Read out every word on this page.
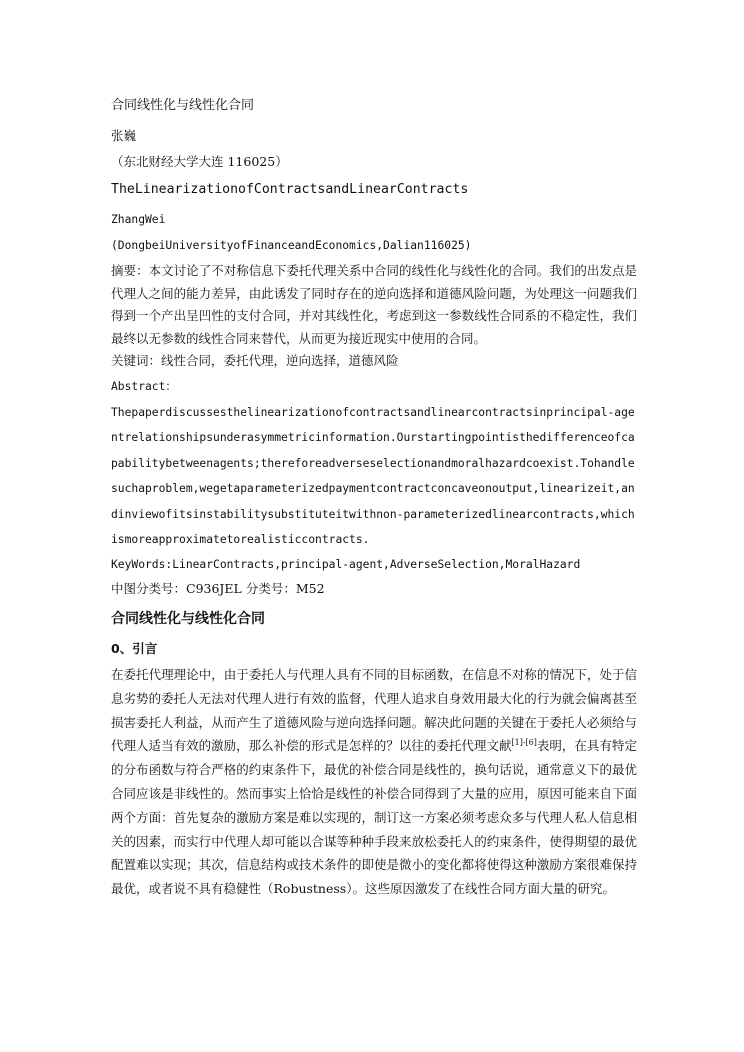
合同线性化与线性化合同
张巍
（东北财经大学大连 116025）
TheLinearizationofContractsandLinearContracts
ZhangWei
(DongbeiUniversityofFinanceandEconomics,Dalian116025)

摘要：本文讨论了不对称信息下委托代理关系中合同的线性化与线性化的合同。我们的出发点是代理人之间的能力差异，由此诱发了同时存在的逆向选择和道德风险问题，为处理这一问题我们得到一个产出呈凹性的支付合同，并对其线性化，考虑到这一参数线性合同系的不稳定性，我们最终以无参数的线性合同来替代，从而更为接近现实中使用的合同。

关键词：线性合同，委托代理，逆向选择，道德风险
Abstract：

Thepaperdiscussesthelinearizationofcontractsandlinearcontractsinprincipal-agentrelationshipsunderasymmetricinformation.Ourstartingpointisthedifferenceofcapabilitybetweenagents;thereforeadverseselectionandmoralhazardcoexist.Tohandlesuchaproblem,wegetaparameterizedpaymentcontractconcaveonoutput,linearizeit,andinviewofitsinstabilitysubstituteitwithnon-parameterizedlinearcontracts,whichismoreapproximatetorealisticcontracts.

KeyWords:LinearContracts,principal-agent,AdverseSelection,MoralHazard
中图分类号：C936JEL 分类号：M52
合同线性化与线性化合同
0、引言

在委托代理理论中，由于委托人与代理人具有不同的目标函数，在信息不对称的情况下，处于信息劣势的委托人无法对代理人进行有效的监督，代理人追求自身效用最大化的行为就会偏离甚至损害委托人利益，从而产生了道德风险与逆向选择问题。解决此问题的关键在于委托人必须给与代理人适当有效的激励，那么补偿的形式是怎样的？以往的委托代理文献[1]-[6]表明，在具有特定的分布函数与符合严格的约束条件下，最优的补偿合同是线性的，换句话说，通常意义下的最优合同应该是非线性的。然而事实上恰恰是线性的补偿合同得到了大量的应用，原因可能来自下面两个方面：首先复杂的激励方案是难以实现的，制订这一方案必须考虑众多与代理人私人信息相关的因素，而实行中代理人却可能以合谋等种种手段来放松委托人的约束条件，使得期望的最优配置难以实现；其次，信息结构或技术条件的即使是微小的变化都将使得这种激励方案很难保持最优，或者说不具有稳健性（Robustness）。这些原因激发了在线性合同方面大量的研究。
